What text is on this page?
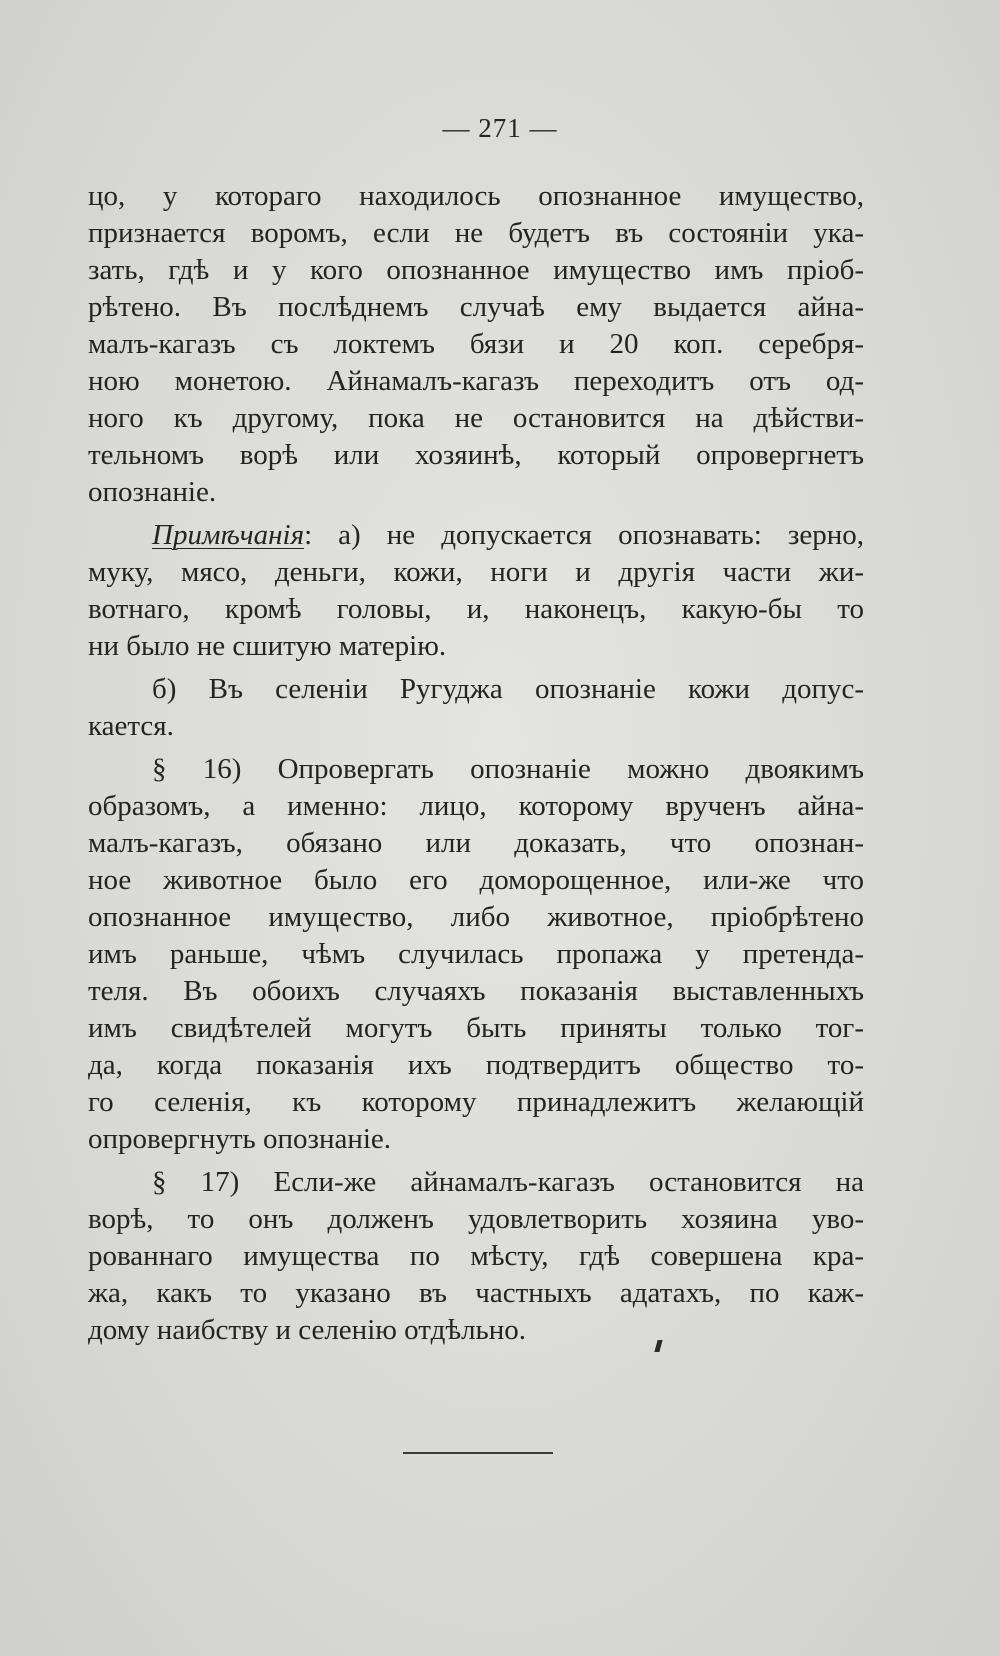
— 271 —
цо, у котораго находилось опознанное имущество,
признается воромъ, если не будетъ въ состоянiи ука-
зать, гдѣ и у кого опознанное имущество имъ прiоб-
рѣтено. Въ послѣднемъ случаѣ ему выдается айна-
малъ-кагазъ съ локтемъ бязи и 20 коп. серебря-
ною монетою. Айнамалъ-кагазъ переходитъ отъ од-
ного къ другому, пока не остановится на дѣйстви-
тельномъ ворѣ или хозяинѣ, который опровергнетъ
опознанiе.
Примѣчанiя: а) не допускается опознавать: зерно,
муку, мясо, деньги, кожи, ноги и другiя части жи-
вотнаго, кромѣ головы, и, наконецъ, какую-бы то
ни было не сшитую матерiю.
б) Въ селенiи Ругуджа опознанiе кожи допус-
кается.
§ 16) Опровергать опознанiе можно двоякимъ
образомъ, а именно: лицо, которому врученъ айна-
малъ-кагазъ, обязано или доказать, что опознан-
ное животное было его доморощенное, или-же что
опознанное имущество, либо животное, прiобрѣтено
имъ раньше, чѣмъ случилась пропажа у претенда-
теля. Въ обоихъ случаяхъ показанiя выставленныхъ
имъ свидѣтелей могутъ быть приняты только тог-
да, когда показанiя ихъ подтвердитъ общество то-
го селенiя, къ которому принадлежитъ желающiй
опровергнуть опознанiе.
§ 17) Если-же айнамалъ-кагазъ остановится на
ворѣ, то онъ долженъ удовлетворить хозяина уво-
рованнаго имущества по мѣсту, гдѣ совершена кра-
жа, какъ то указано въ частныхъ адатахъ, по каж-
дому наибству и селенiю отдѣльно.
